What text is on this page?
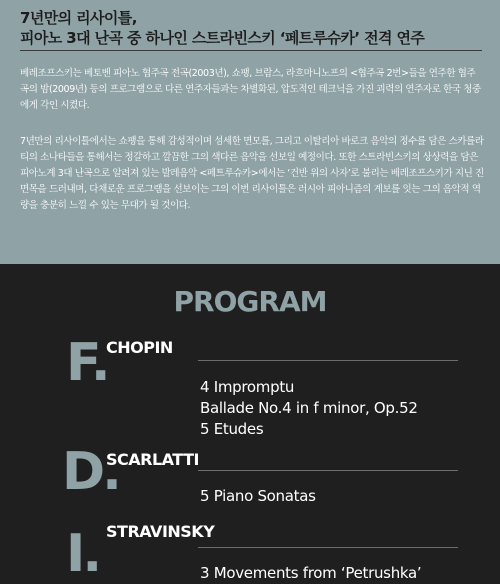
7년만의 리사이틀,
피아노 3대 난곡 중 하나인 스트라빈스키 ‘페트루슈카’ 전격 연주
베레조프스키는 베토벤 피아노 협주곡 전곡(2003년), 쇼팽, 브람스, 라흐마니노프의 <협주곡 2번>들을 연주한 협주곡의 밤(2009년) 등의 프로그램으로 다른 연주자들과는 차별화된, 압도적인 테크닉을 가진 괴력의 연주자로 한국 청중에게 각인 시켰다.
7년만의 리사이틀에서는 쇼팽을 통해 감성적이며 섬세한 면모를, 그리고 이탈리아 바로크 음악의 정수를 담은 스카를라티의 소나타들을 통해서는 정갈하고 깔끔한 그의 색다른 음악을 선보일 예정이다. 또한 스트라빈스키의 상상력을 담은 피아노계 3대 난곡으로 알려져 있는 발레음악 <페트루슈카>에서는 ‘건반 위의 사자’로 불리는 베레조프스키가 지닌 진면목을 드러내며, 다채로운 프로그램을 선보이는 그의 이번 리사이틀은 러시아 피아니즘의 계보를 잇는 그의 음악적 역량을 충분히 느낄 수 있는 무대가 될 것이다.
PROGRAM
F.
CHOPIN
4 Impromptu
Ballade No.4 in f minor, Op.52
5 Etudes
D.
SCARLATTI
5 Piano Sonatas
I. STRAVINSKY
3 Movements from ‘Petrushka’
